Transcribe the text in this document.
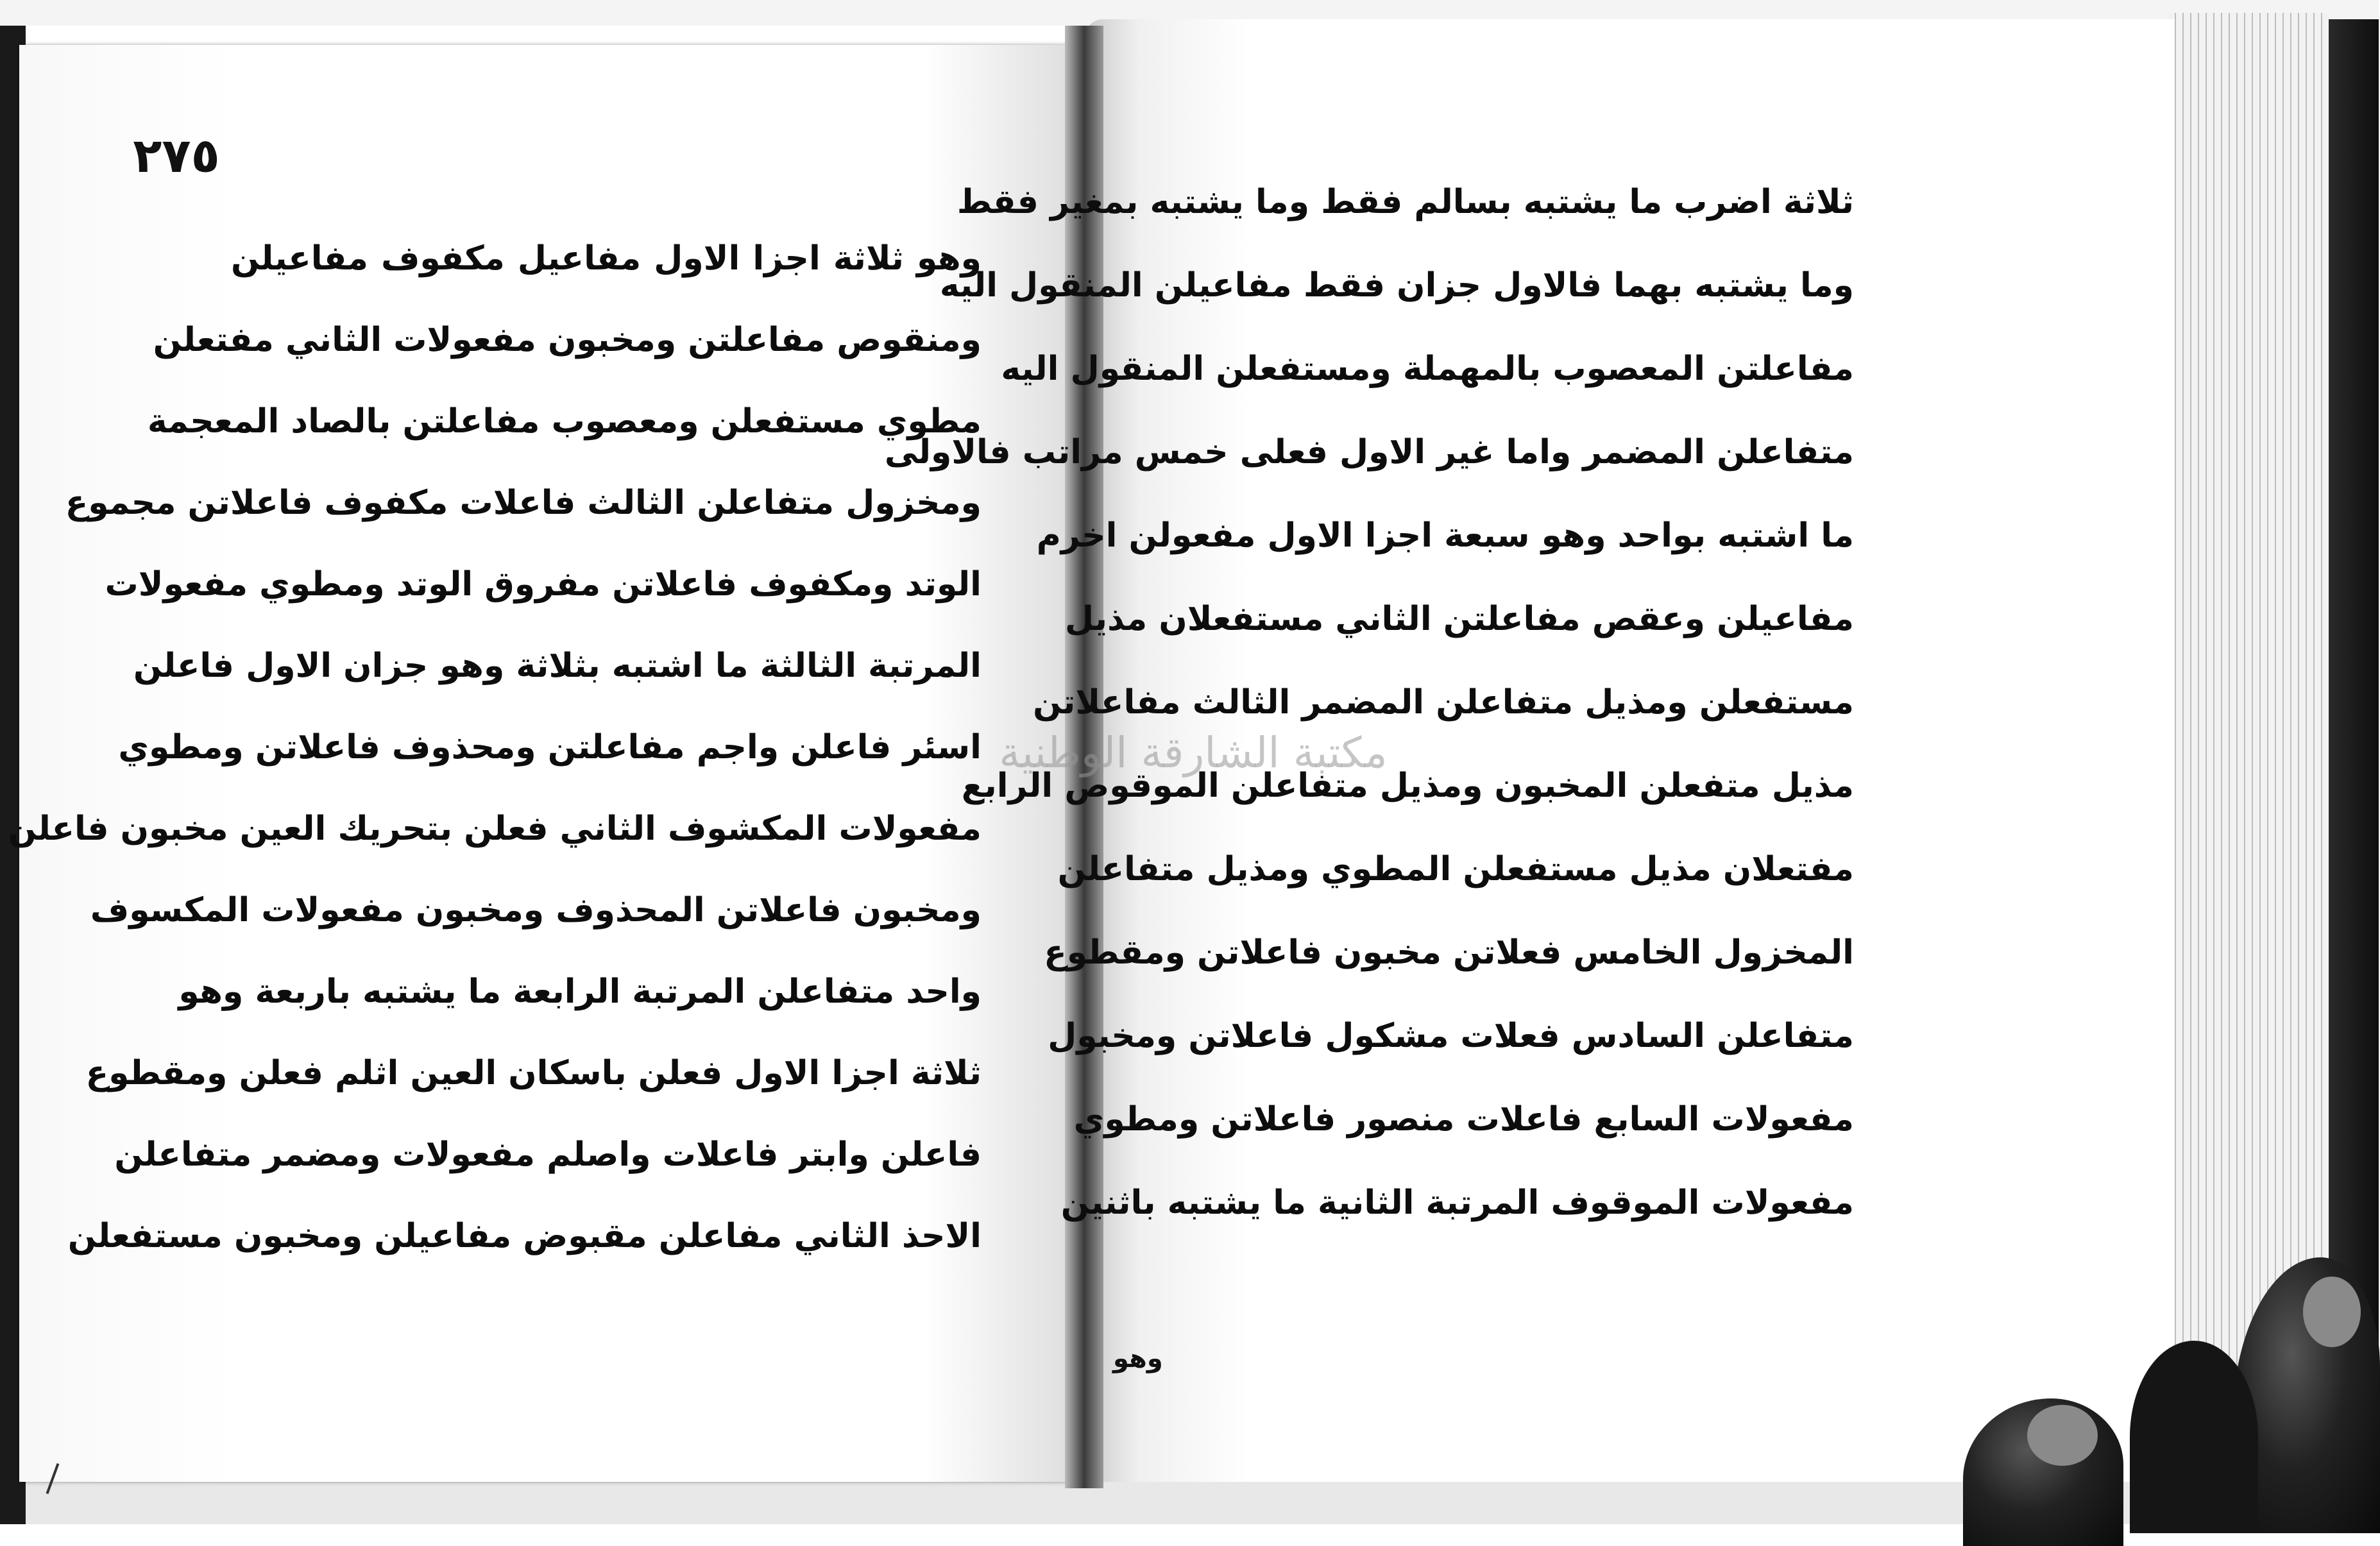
٢٧٥
وهو ثلاثة اجزا الاول مفاعيل مكفوف مفاعيلن
ومنقوص مفاعلتن ومخبون مفعولات الثاني مفتعلن
مطوي مستفعلن ومعصوب مفاعلتن بالصاد المعجمة
ومخزول متفاعلن الثالث فاعلات مكفوف فاعلاتن مجموع
الوتد ومكفوف فاعلاتن مفروق الوتد ومطوي مفعولات
المرتبة الثالثة ما اشتبه بثلاثة وهو جزان الاول فاعلن
اسئر فاعلن واجم مفاعلتن ومحذوف فاعلاتن ومطوي
مفعولات المكشوف الثاني فعلن بتحريك العين مخبون فاعلن
ومخبون فاعلاتن المحذوف ومخبون مفعولات المكسوف
واحد متفاعلن المرتبة الرابعة ما يشتبه باربعة وهو
ثلاثة اجزا الاول فعلن باسكان العين اثلم فعلن ومقطوع
فاعلن وابتر فاعلات واصلم مفعولات ومضمر متفاعلن
الاحذ الثاني مفاعلن مقبوض مفاعيلن ومخبون مستفعلن
ثلاثة اضرب ما يشتبه بسالم فقط وما يشتبه بمغير فقط
وما يشتبه بهما فالاول جزان فقط مفاعيلن المنقول اليه
مفاعلتن المعصوب بالمهملة ومستفعلن المنقول اليه
متفاعلن المضمر واما غير الاول فعلى خمس مراتب فالاولى
ما اشتبه بواحد وهو سبعة اجزا الاول مفعولن اخرم
مفاعيلن وعقص مفاعلتن الثاني مستفعلان مذيل
مستفعلن ومذيل متفاعلن المضمر الثالث مفاعلاتن
مذيل متفعلن المخبون ومذيل متفاعلن الموقوص الرابع
مفتعلان مذيل مستفعلن المطوي ومذيل متفاعلن
المخزول الخامس فعلاتن مخبون فاعلاتن ومقطوع
متفاعلن السادس فعلات مشكول فاعلاتن ومخبول
مفعولات السابع فاعلات منصور فاعلاتن ومطوي
مفعولات الموقوف المرتبة الثانية ما يشتبه باثنين
وهو
مكتبة الشارقة الوطنية
